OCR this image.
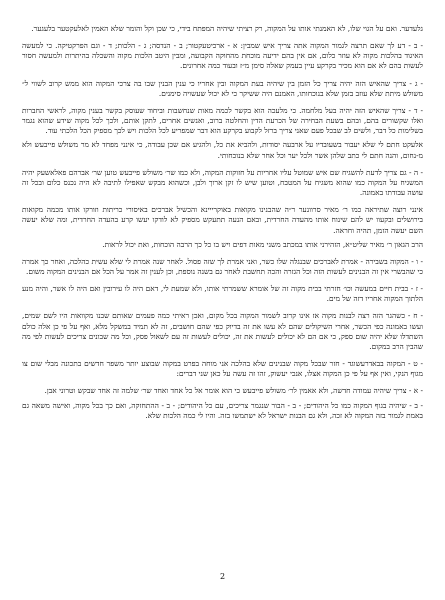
גלעדער. ואם על הגוי שלו, לא האמנתי אותו על המקוה, רק רציתי שיהיה המפתח בידי, כי שכן וקל והומר שלא האמין לאלעקטער בלעגער.

- ב - דע לך שאם תרצה לגמור המקוה אתה צריך איש שמבין: א - ארכיטעקטור; ב - הנדסה; ג - הלכות; ד - וגם הפרקטיקה. כי למעשה האיגוד בהלכות מקוה לא עוזר כלום, אם אין בהם ידיעה מוכחת מהחוקה הקבועה, ומבין היטב הלכות מקוה והשכלה בהיתרות ולמעשה חסור לעשות בהם לא אם הוא מכיר בקרקע עיין בעמק שאלה סימן מ״ז ובעוד כמה אחרונים.

- ג - צריך שהאיש הזה יהיה צריך כל הזמן בין שיהיה בעת המקוה ובין אחריו כי ענין הבנין שבו בה צרכי המקוה הוא ממש קרוב לשווי ל״ משולש מיתת שלא עוזב בזמן שלא בנוכחותו, האמנם היה ששיקר כי לא יכול שעשויה סימנים.

- ד - צריך שהאיש הזה יהיה בעל מלחמה. כי מלעכה הוא בקשר לכמה מאות שנחשבות וביחוד שעוסק בקשר בענין מקוה, לראשי החברות ואלו שקשורים בהם, ובהם בשעת הבחירה של הכרעת הדין והחלטה ברוב, ואנשים אחרים, לתקן אותם, ולכך לכל מקוה שידע שהוא נגמר בשלימות כל דבר, ולשים לב שבכל פעם שאני צריך ברזל לקבוע בקרקע הוא דבר שמפריע לכל הלכות ויש לכך מספיק הכל הלכתי עוד.

אלעקט חתם לי שלא יעבור בשעובדיו על ארבעה יסודות, ולהביא את כל, ולהגיע אם שכן עבודה, כי אינני מפחד לא מר משולש פייבעש ולא מ-נחום, והנה חתם לי כתב שלהן אשר ולכל יער וכל אחר שלא בנוכחותי.

- ה - גם צריך לדעת להשגיח שם איש שמוטל עליו אחריות על חזוקות המקוה, ולא כמו שר׳ משולש פייבעש טוען שר׳ אברהם פאלאשעק יהיה המשגיח על המקוה כמו שהוא משגיח על המטבח, וטוען שיש לו זקן ארוך ולבן, וכשהוא מבקש שאפילו לתיבה לא היה נכנס כלום ובכל זה עושה עבודתו באמונה.

אינני רוצה שתיראה כמו ר׳ מאיר סרוונער ר״ה שהבנינו מקואות באוקרייינא והכשיל אברכים באיסורי כריתות וזורקו אותו מכמה מקואות בירושלים ובקעוו יש להם שינוח אותו מהעדה החרדית, ובאם הנעה תתעקש מספיק לא לודקו יעשו קרע בהעדה החרדית, ומה שלא יעשה השם יעשה הזמן, תהיה וחראה.

הרב הגאון ר׳ מאיר שליט״א, הזהירני אותו במכתב משני מאות דפים ויש בו כל כך הרבה הוכחות, ואת יכול לראות.

- ו - המקוה בשבירה - אמרת לאברכים שבנגלה שלו כשר, ואני אמרת לך שזה פסול. לאחר שנה אמרת לי שלא עשית כהלכה, ואחר כך אמרה כי שהבשרי אין זה הבנינים לעשות הזה וכל הגזרה והכה תחשבת לאחר גם בשנה נוספת, וכן לענין זה אמר על הכל אם הבנינים המקוה משום.

- ז - בבית חיים במעשה וכו׳ חזרתי בבית מקוה זה של אומרא ששמרתי אותו, ולא שמעת לי, דאם היה לו עירובין ואם היה לו אשר, והיה מנע הלתוך המקוה אחריו דזה של מים.

- ח - כשהגר הזה רצה לבנות מקוה אז אינו קרוב לשמור המקוה בכל מקום, ואכן ראיתי כמה פעמים שאותם שבנו מקוואות היו לשם שמים, ועשו באמונה כפי הכשר, אחרי השיקולים שהם לא עשו את זה בדיוק כפי שהם חושבים, זה לא תמיד במשקל מלא, ואף על פי כן אלה כולם השתדלו שלא יהיה שום ספק, כי אם הם לא יכולים לעשות את זה, יכולים לעשות זה עם לשאול פסק, וכל מה שבונים צריכים לעשות לפי מה שהבין הרב במקום.

- ט - המקוה בבאדרעשוגד - חזר שבכל מקוה שבנינים שלא בהלכה אני מוחה בפרט במקוה שבוצע יותר משפר חדשים בתכונה מבלי שום צו מגוף הנקי, ואין אף על פי כן המקוה אצלו, אנכי יעשוק, זהו זה עשה על כאן שני דברים:

- א - צריך שיהיה עמודה חדשה, ולא אאמין לר׳ משולש פייבעש כי הוא אומר אל כל אחד ואחד שר׳ שלמה זה אחד שבקש וטרוני אבן.

- ב - שיהיה בגוף המקוה כמו כל היהודים; - ב - הבור שנגמר צריכים, עם כל היהודים; - ב - ההתחזקה, ואם כך בכל מקוה, ואישה משאה גם באמת לגמור בזה המקוה לא זכה, ולא גם הבנות ישראל לא ישתמשו בזה. והיו לי כמה הלכות שלא.

2
